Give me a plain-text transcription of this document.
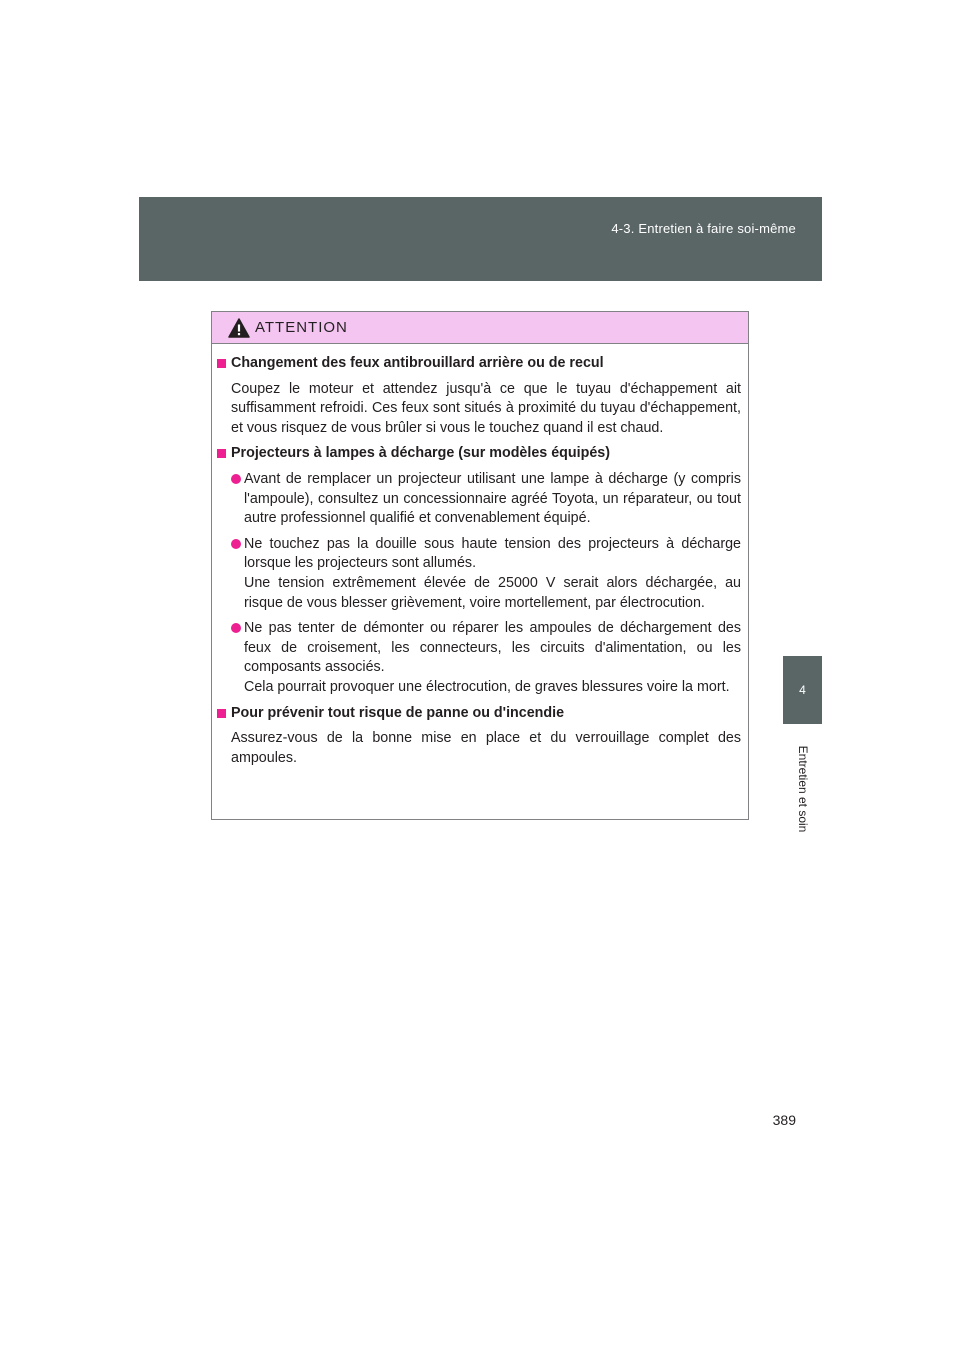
4-3. Entretien à faire soi-même
4
Entretien et soin
ATTENTION
Changement des feux antibrouillard arrière ou de recul
Coupez le moteur et attendez jusqu'à ce que le tuyau d'échappement ait suffisamment refroidi. Ces feux sont situés à proximité du tuyau d'échappement, et vous risquez de vous brûler si vous le touchez quand il est chaud.
Projecteurs à lampes à décharge (sur modèles équipés)
Avant de remplacer un projecteur utilisant une lampe à décharge (y compris l'ampoule), consultez un concessionnaire agréé Toyota, un réparateur, ou tout autre professionnel qualifié et convenablement équipé.
Ne touchez pas la douille sous haute tension des projecteurs à décharge lorsque les projecteurs sont allumés.
Une tension extrêmement élevée de 25000 V serait alors déchargée, au risque de vous blesser grièvement, voire mortellement, par électrocution.
Ne pas tenter de démonter ou réparer les ampoules de déchargement des feux de croisement, les connecteurs, les circuits d'alimentation, ou les composants associés.
Cela pourrait provoquer une électrocution, de graves blessures voire la mort.
Pour prévenir tout risque de panne ou d'incendie
Assurez-vous de la bonne mise en place et du verrouillage complet des ampoules.
389
